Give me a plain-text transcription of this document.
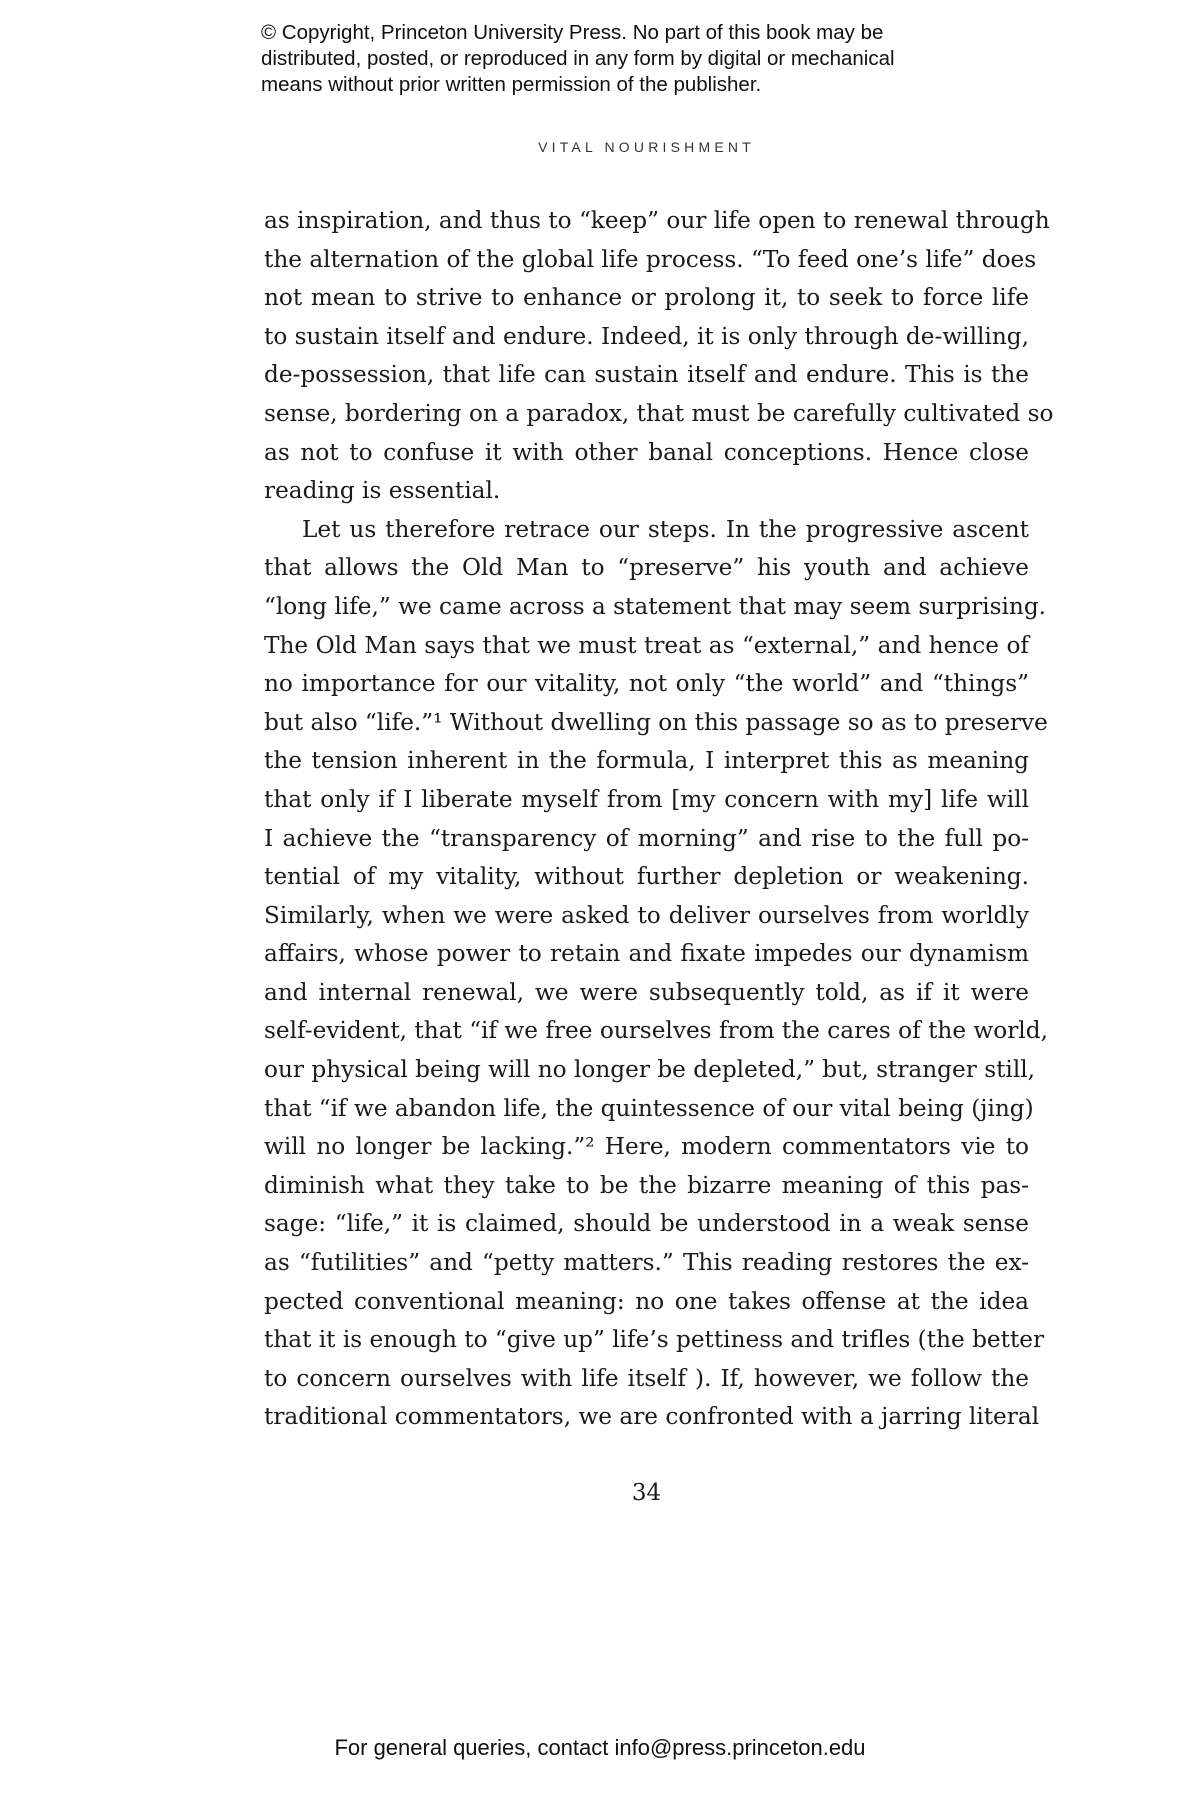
© Copyright, Princeton University Press. No part of this book may be
distributed, posted, or reproduced in any form by digital or mechanical
means without prior written permission of the publisher.
VITAL NOURISHMENT
as inspiration, and thus to “keep” our life open to renewal through
the alternation of the global life process. “To feed one’s life” does
not mean to strive to enhance or prolong it, to seek to force life
to sustain itself and endure. Indeed, it is only through de-willing,
de-possession, that life can sustain itself and endure. This is the
sense, bordering on a paradox, that must be carefully cultivated so
as not to confuse it with other banal conceptions. Hence close
reading is essential.
Let us therefore retrace our steps. In the progressive ascent
that allows the Old Man to “preserve” his youth and achieve
“long life,” we came across a statement that may seem surprising.
The Old Man says that we must treat as “external,” and hence of
no importance for our vitality, not only “the world” and “things”
but also “life.”¹ Without dwelling on this passage so as to preserve
the tension inherent in the formula, I interpret this as meaning
that only if I liberate myself from [my concern with my] life will
I achieve the “transparency of morning” and rise to the full po-
tential of my vitality, without further depletion or weakening.
Similarly, when we were asked to deliver ourselves from worldly
affairs, whose power to retain and fixate impedes our dynamism
and internal renewal, we were subsequently told, as if it were
self-evident, that “if we free ourselves from the cares of the world,
our physical being will no longer be depleted,” but, stranger still,
that “if we abandon life, the quintessence of our vital being (jing)
will no longer be lacking.”² Here, modern commentators vie to
diminish what they take to be the bizarre meaning of this pas-
sage: “life,” it is claimed, should be understood in a weak sense
as “futilities” and “petty matters.” This reading restores the ex-
pected conventional meaning: no one takes offense at the idea
that it is enough to “give up” life’s pettiness and trifles (the better
to concern ourselves with life itself ). If, however, we follow the
traditional commentators, we are confronted with a jarring literal
34
For general queries, contact info@press.princeton.edu
